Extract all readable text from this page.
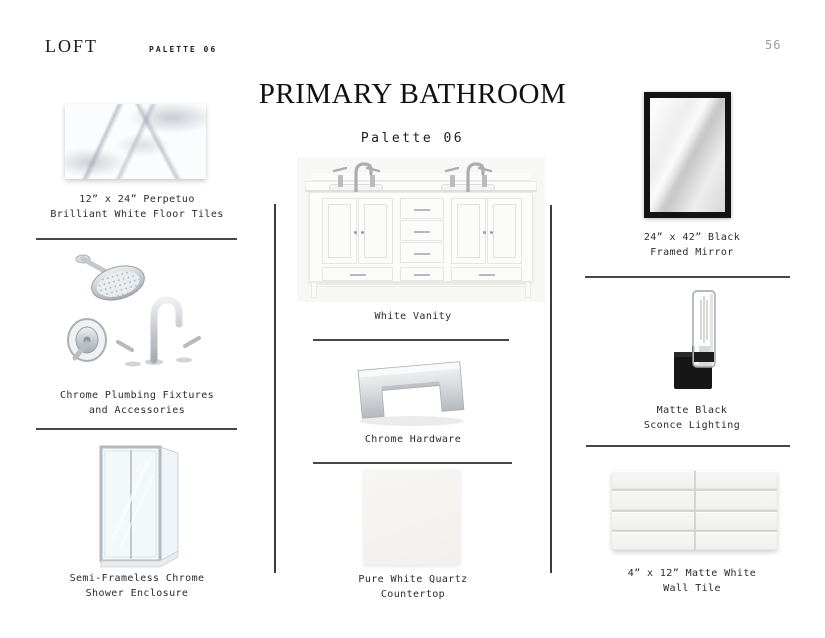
LOFT	PALETTE 06	56
PRIMARY BATHROOM
Palette 06
12” x 24” Perpetuo
Brilliant White Floor Tiles
Chrome Plumbing Fixtures
and Accessories
Semi-Frameless Chrome
Shower Enclosure
White Vanity
Chrome Hardware
Pure White Quartz
Countertop
24” x 42” Black
Framed Mirror
Matte Black
Sconce Lighting
4” x 12” Matte White
Wall Tile
